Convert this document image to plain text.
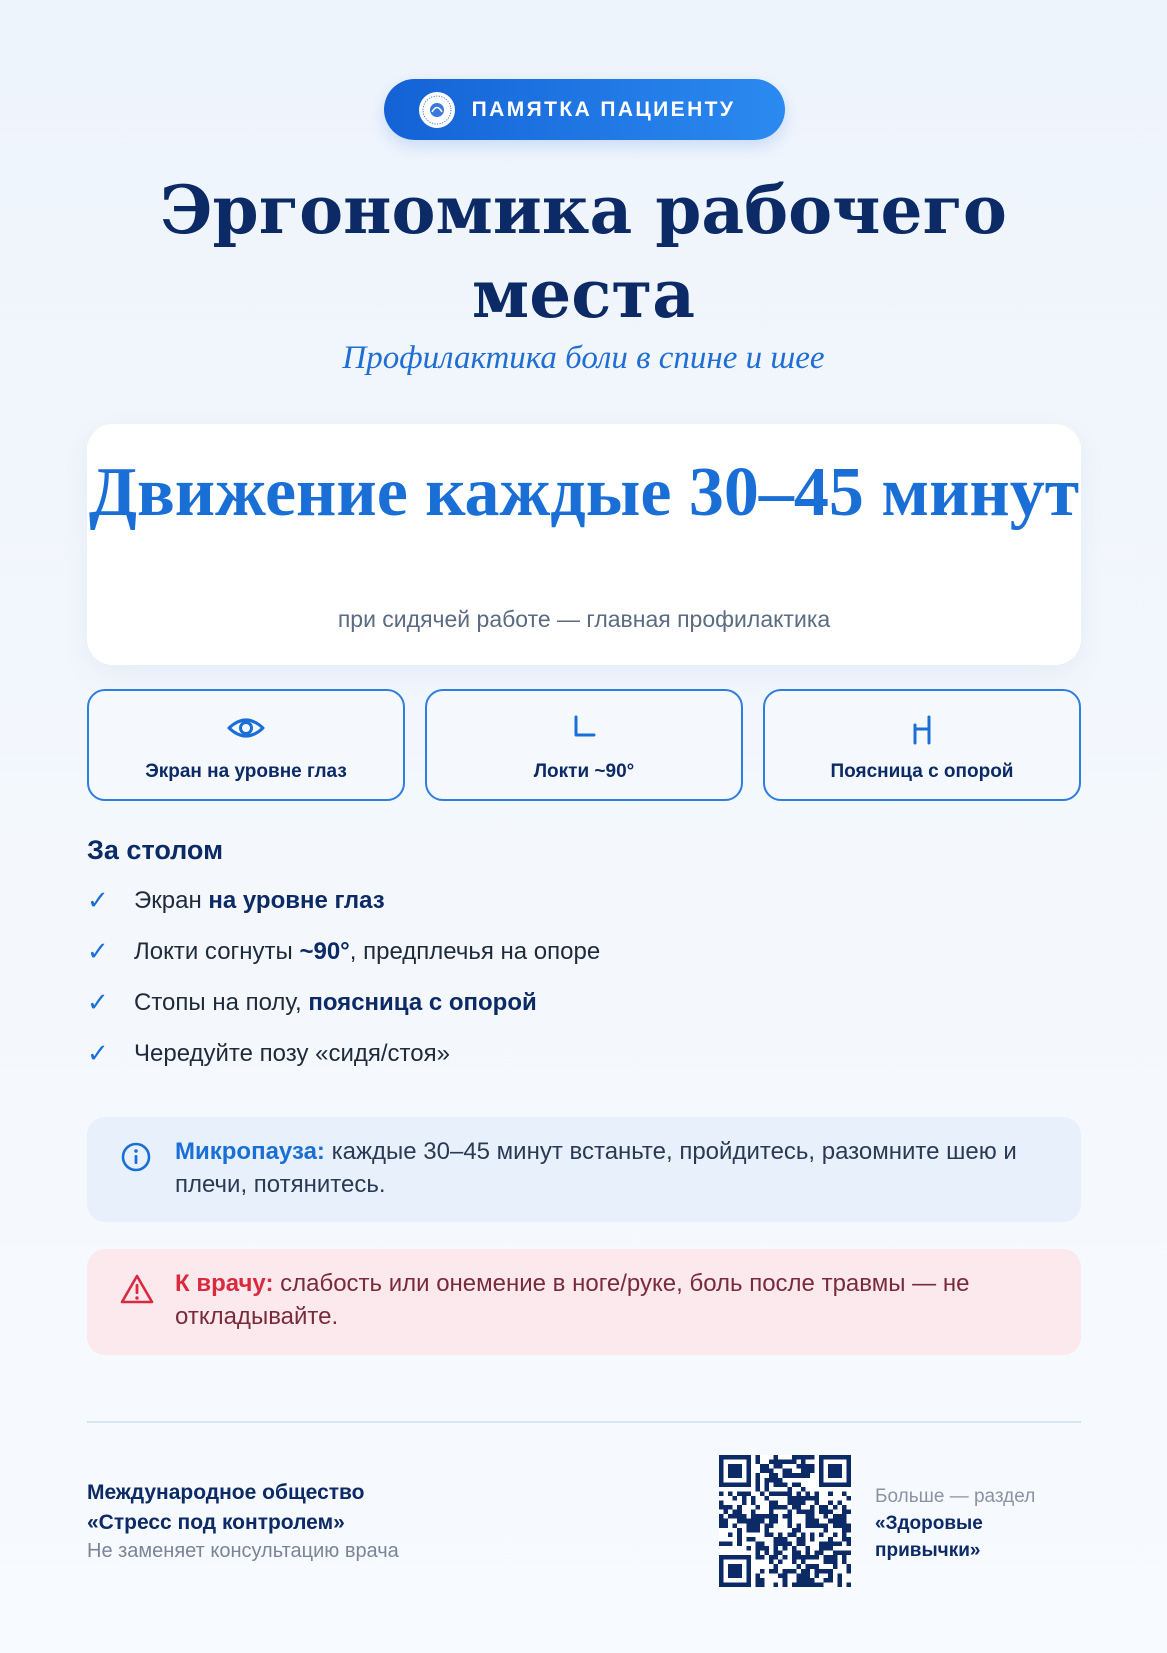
ПАМЯТКА ПАЦИЕНТУ
Эргономика рабочего места
Профилактика боли в спине и шее
Движение каждые 30–45 минут
при сидячей работе — главная профилактика
Экран на уровне глаз	Локти ~90°	Поясница с опорой
За столом
✓ Экран на уровне глаз
✓ Локти согнуты ~90°, предплечья на опоре
✓ Стопы на полу, поясница с опорой
✓ Чередуйте позу «сидя/стоя»
Микропауза: каждые 30–45 минут встаньте, пройдитесь, разомните шею и плечи, потянитесь.
К врачу: слабость или онемение в ноге/руке, боль после травмы — не откладывайте.
Международное общество
«Стресс под контролем»
Не заменяет консультацию врача
Больше — раздел
«Здоровые привычки»
